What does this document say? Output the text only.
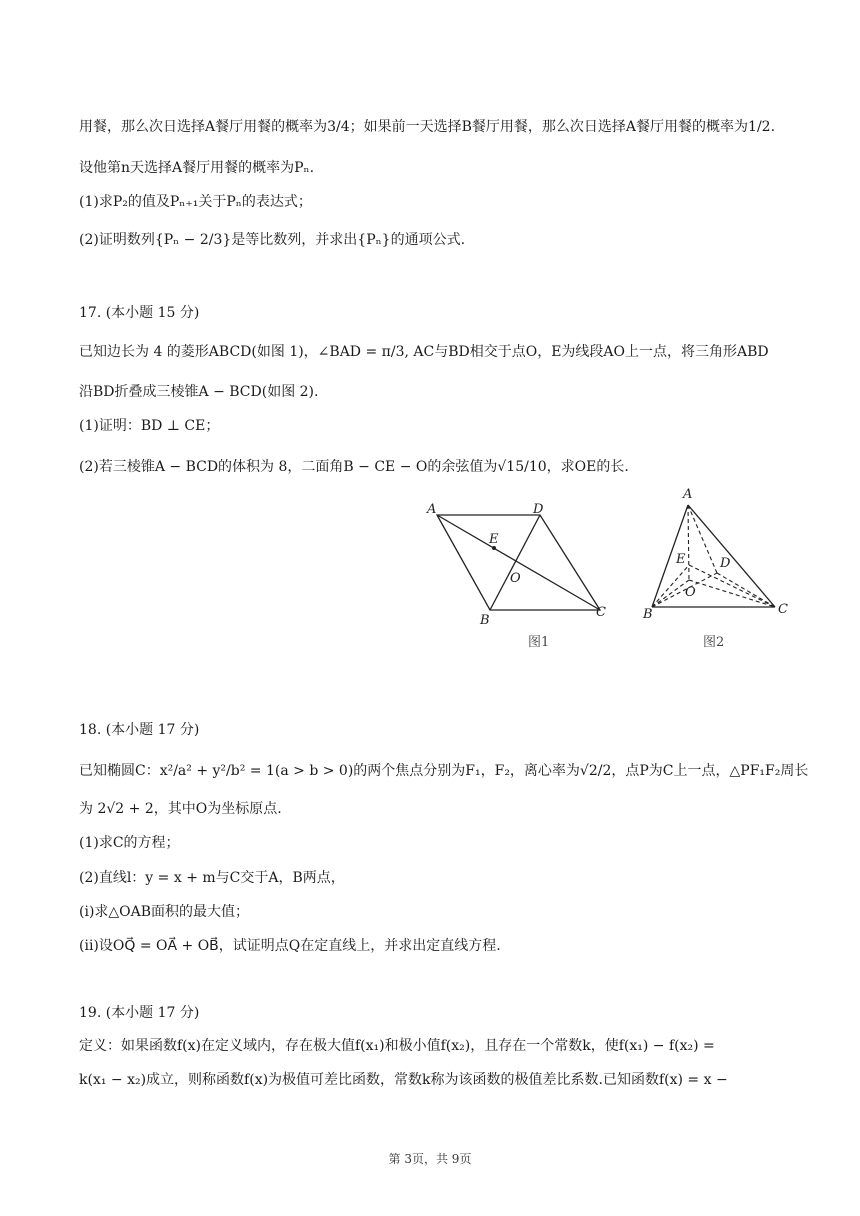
用餐，那么次日选择A餐厅用餐的概率为3/4；如果前一天选择B餐厅用餐，那么次日选择A餐厅用餐的概率为1/2.
设他第n天选择A餐厅用餐的概率为Pₙ.
(1)求P₂的值及Pₙ₊₁关于Pₙ的表达式；
(2)证明数列{Pₙ − 2/3}是等比数列，并求出{Pₙ}的通项公式.
17. (本小题 15 分)
已知边长为 4 的菱形ABCD(如图 1)，∠BAD = π/3, AC与BD相交于点O，E为线段AO上一点，将三角形ABD
沿BD折叠成三棱锥A − BCD(如图 2).
(1)证明：BD ⊥ CE；
(2)若三棱锥A − BCD的体积为 8，二面角B − CE − O的余弦值为√15/10，求OE的长.
A	D
E
O
B
C
图1
A
E	D
O
B	C
图2
18. (本小题 17 分)
已知椭圆C：x²/a² + y²/b² = 1(a > b > 0)的两个焦点分别为F₁，F₂，离心率为√2/2，点P为C上一点，△PF₁F₂周长
为 2√2 + 2，其中O为坐标原点.
(1)求C的方程；
(2)直线l：y = x + m与C交于A，B两点，
(i)求△OAB面积的最大值；
(ii)设OQ⃗ = OA⃗ + OB⃗，试证明点Q在定直线上，并求出定直线方程.
19. (本小题 17 分)
定义：如果函数f(x)在定义域内，存在极大值f(x₁)和极小值f(x₂)，且存在一个常数k，使f(x₁) − f(x₂) =
k(x₁ − x₂)成立，则称函数f(x)为极值可差比函数，常数k称为该函数的极值差比系数.已知函数f(x) = x −
第 3页，共 9页
